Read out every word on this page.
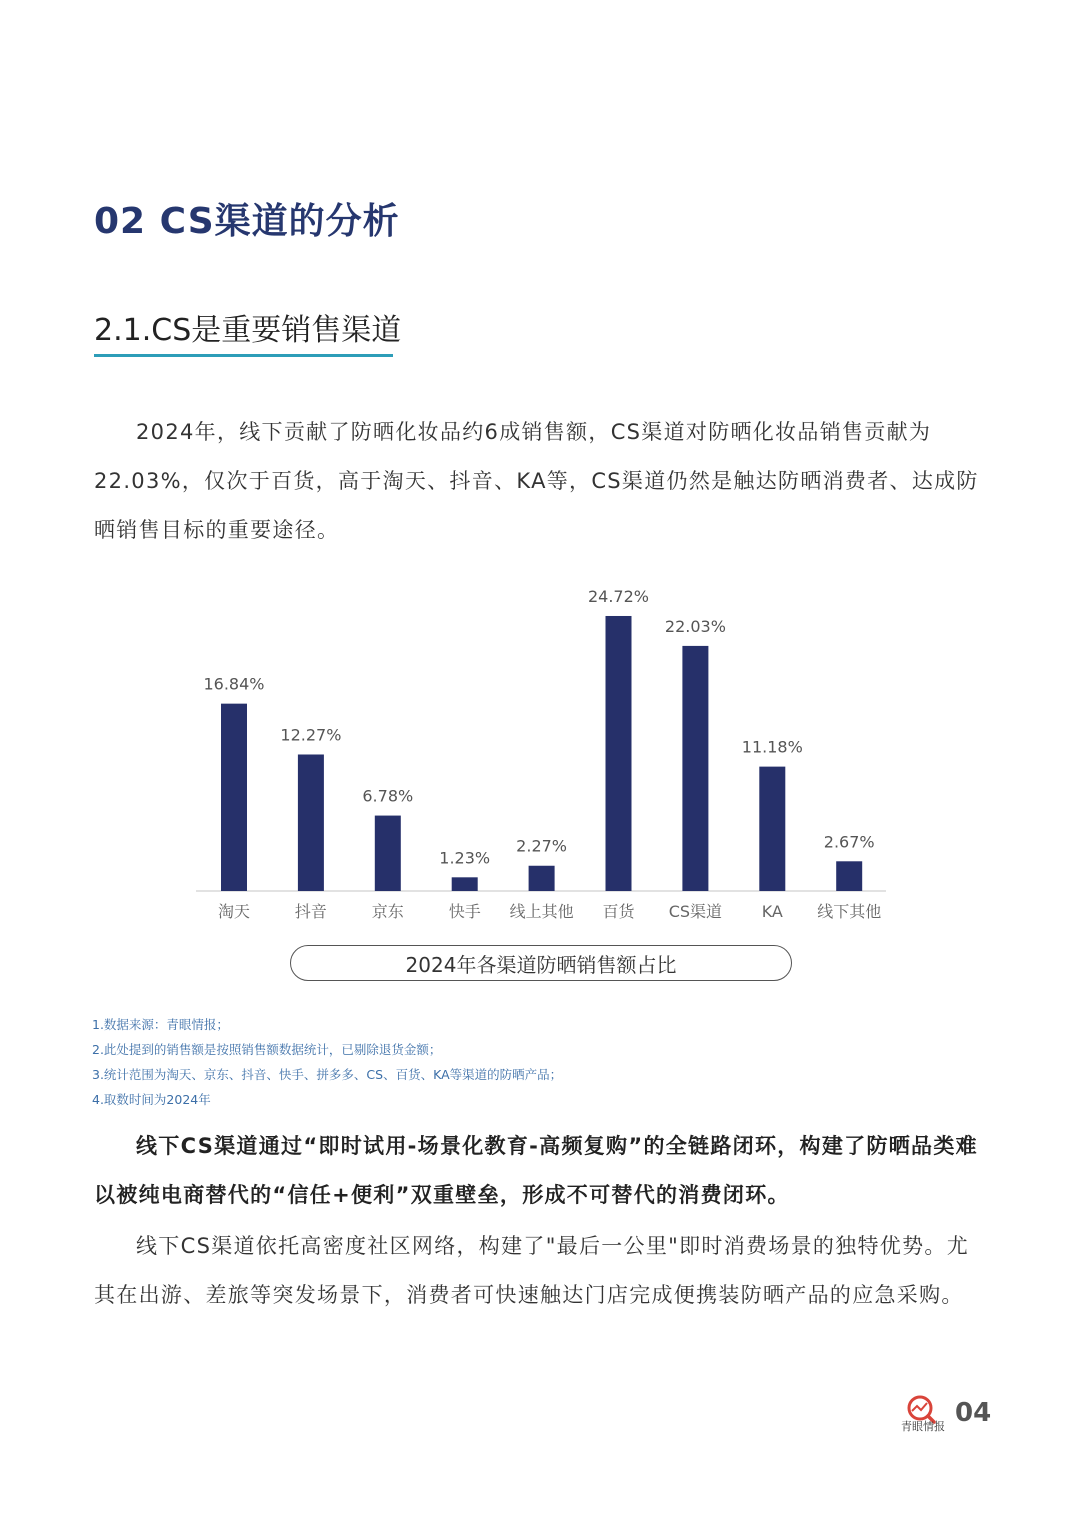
02 CS渠道的分析
2.1.CS是重要销售渠道

2024年，线下贡献了防晒化妆品约6成销售额，CS渠道对防晒化妆品销售贡献为22.03%，仅次于百货，高于淘天、抖音、KA等，CS渠道仍然是触达防晒消费者、达成防晒销售目标的重要途径。

16.84%
淘天
12.27%
抖音
6.78%
京东
1.23%
快手
2.27%
线上其他
24.72%
百货
22.03%
CS渠道
11.18%
KA
2.67%
线下其他
2024年各渠道防晒销售额占比
1.数据来源：青眼情报；
2.此处提到的销售额是按照销售额数据统计，已剔除退货金额；
3.统计范围为淘天、京东、抖音、快手、拼多多、CS、百货、KA等渠道的防晒产品；
4.取数时间为2024年

线下CS渠道通过“即时试用-场景化教育-高频复购”的全链路闭环，构建了防晒品类难以被纯电商替代的“信任+便利”双重壁垒，形成不可替代的消费闭环。

线下CS渠道依托高密度社区网络，构建了"最后一公里"即时消费场景的独特优势。尤其在出游、差旅等突发场景下，消费者可快速触达门店完成便携装防晒产品的应急采购。

青眼情报 04
